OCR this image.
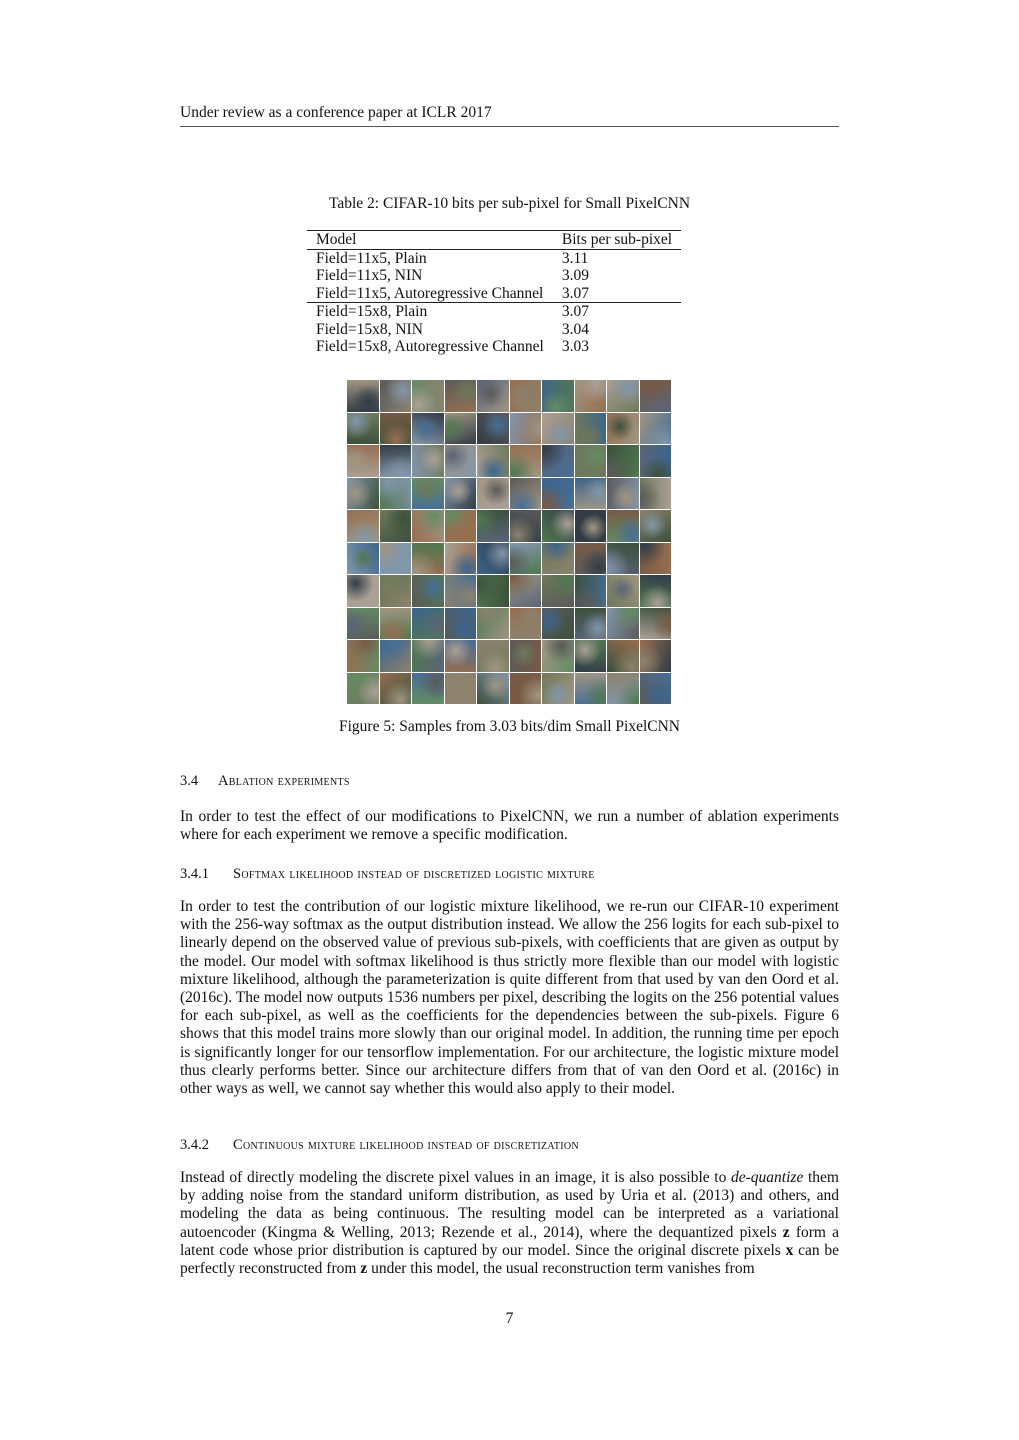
Under review as a conference paper at ICLR 2017
Table 2: CIFAR-10 bits per sub-pixel for Small PixelCNN
Model	Bits per sub-pixel
Field=11x5, Plain	3.11
Field=11x5, NIN	3.09
Field=11x5, Autoregressive Channel	3.07
Field=15x8, Plain	3.07
Field=15x8, NIN	3.04
Field=15x8, Autoregressive Channel	3.03
Figure 5: Samples from 3.03 bits/dim Small PixelCNN
3.4 Ablation experiments
In order to test the effect of our modifications to PixelCNN, we run a number of ablation experiments where for each experiment we remove a specific modification.
3.4.1 Softmax likelihood instead of discretized logistic mixture
In order to test the contribution of our logistic mixture likelihood, we re-run our CIFAR-10 experiment with the 256-way softmax as the output distribution instead. We allow the 256 logits for each sub-pixel to linearly depend on the observed value of previous sub-pixels, with coefficients that are given as output by the model. Our model with softmax likelihood is thus strictly more flexible than our model with logistic mixture likelihood, although the parameterization is quite different from that used by van den Oord et al. (2016c). The model now outputs 1536 numbers per pixel, describing the logits on the 256 potential values for each sub-pixel, as well as the coefficients for the dependencies between the sub-pixels. Figure 6 shows that this model trains more slowly than our original model. In addition, the running time per epoch is significantly longer for our tensorflow implementation. For our architecture, the logistic mixture model thus clearly performs better. Since our architecture differs from that of van den Oord et al. (2016c) in other ways as well, we cannot say whether this would also apply to their model.
3.4.2 Continuous mixture likelihood instead of discretization
Instead of directly modeling the discrete pixel values in an image, it is also possible to de-quantize them by adding noise from the standard uniform distribution, as used by Uria et al. (2013) and others, and modeling the data as being continuous. The resulting model can be interpreted as a variational autoencoder (Kingma & Welling, 2013; Rezende et al., 2014), where the dequantized pixels z form a latent code whose prior distribution is captured by our model. Since the original discrete pixels x can be perfectly reconstructed from z under this model, the usual reconstruction term vanishes from
7
